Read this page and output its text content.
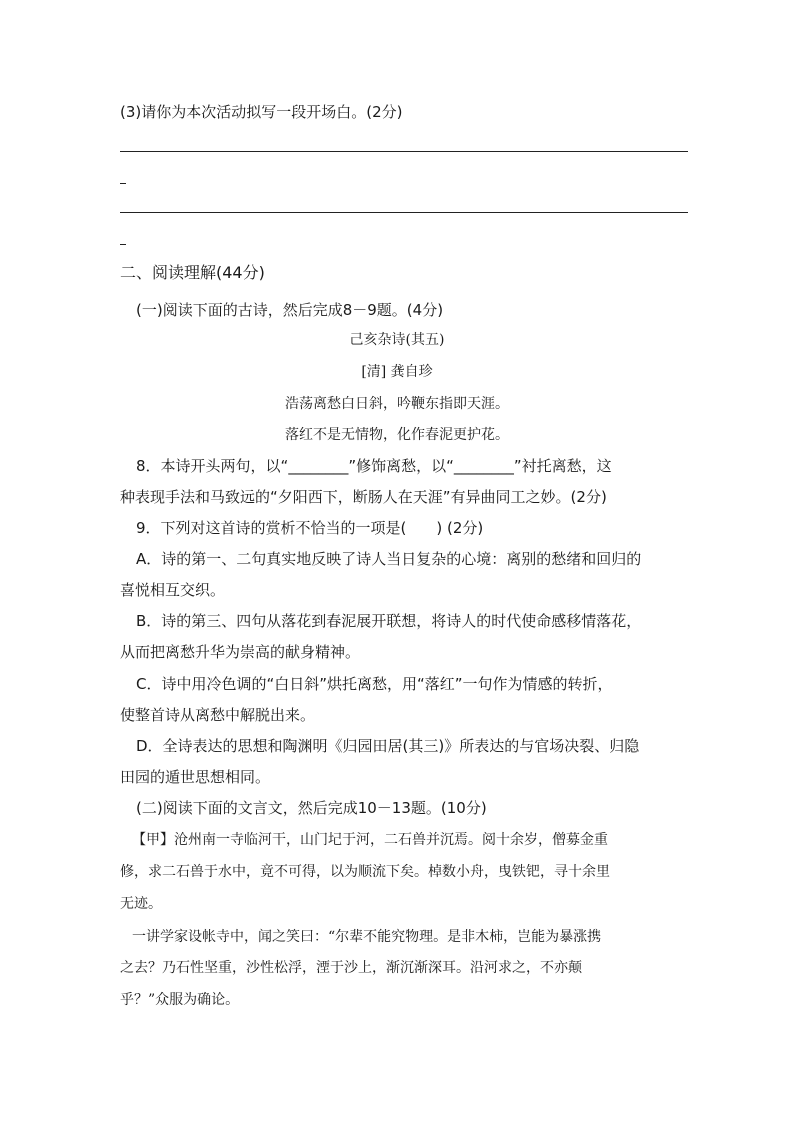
(3)请你为本次活动拟写一段开场白。(2分)
二、阅读理解(44分)
(一)阅读下面的古诗，然后完成8－9题。(4分)
己亥杂诗(其五)
[清] 龚自珍
浩荡离愁白日斜，吟鞭东指即天涯。
落红不是无情物，化作春泥更护花。
8．本诗开头两句，以“________”修饰离愁，以“________”衬托离愁，这
种表现手法和马致远的“夕阳西下，断肠人在天涯”有异曲同工之妙。(2分)
9．下列对这首诗的赏析不恰当的一项是(　　) (2分)
A．诗的第一、二句真实地反映了诗人当日复杂的心境：离别的愁绪和回归的
喜悦相互交织。
B．诗的第三、四句从落花到春泥展开联想，将诗人的时代使命感移情落花，
从而把离愁升华为崇高的献身精神。
C．诗中用冷色调的“白日斜”烘托离愁，用“落红”一句作为情感的转折，
使整首诗从离愁中解脱出来。
D．全诗表达的思想和陶渊明《归园田居(其三)》所表达的与官场决裂、归隐
田园的遁世思想相同。
(二)阅读下面的文言文，然后完成10－13题。(10分)
【甲】沧州南一寺临河干，山门圮于河，二石兽并沉焉。阅十余岁，僧募金重
修，求二石兽于水中，竟不可得，以为顺流下矣。棹数小舟，曳铁钯，寻十余里
无迹。
一讲学家设帐寺中，闻之笑曰：“尔辈不能究物理。是非木柿，岂能为暴涨携
之去？乃石性坚重，沙性松浮，湮于沙上，渐沉渐深耳。沿河求之，不亦颠
乎？”众服为确论。
